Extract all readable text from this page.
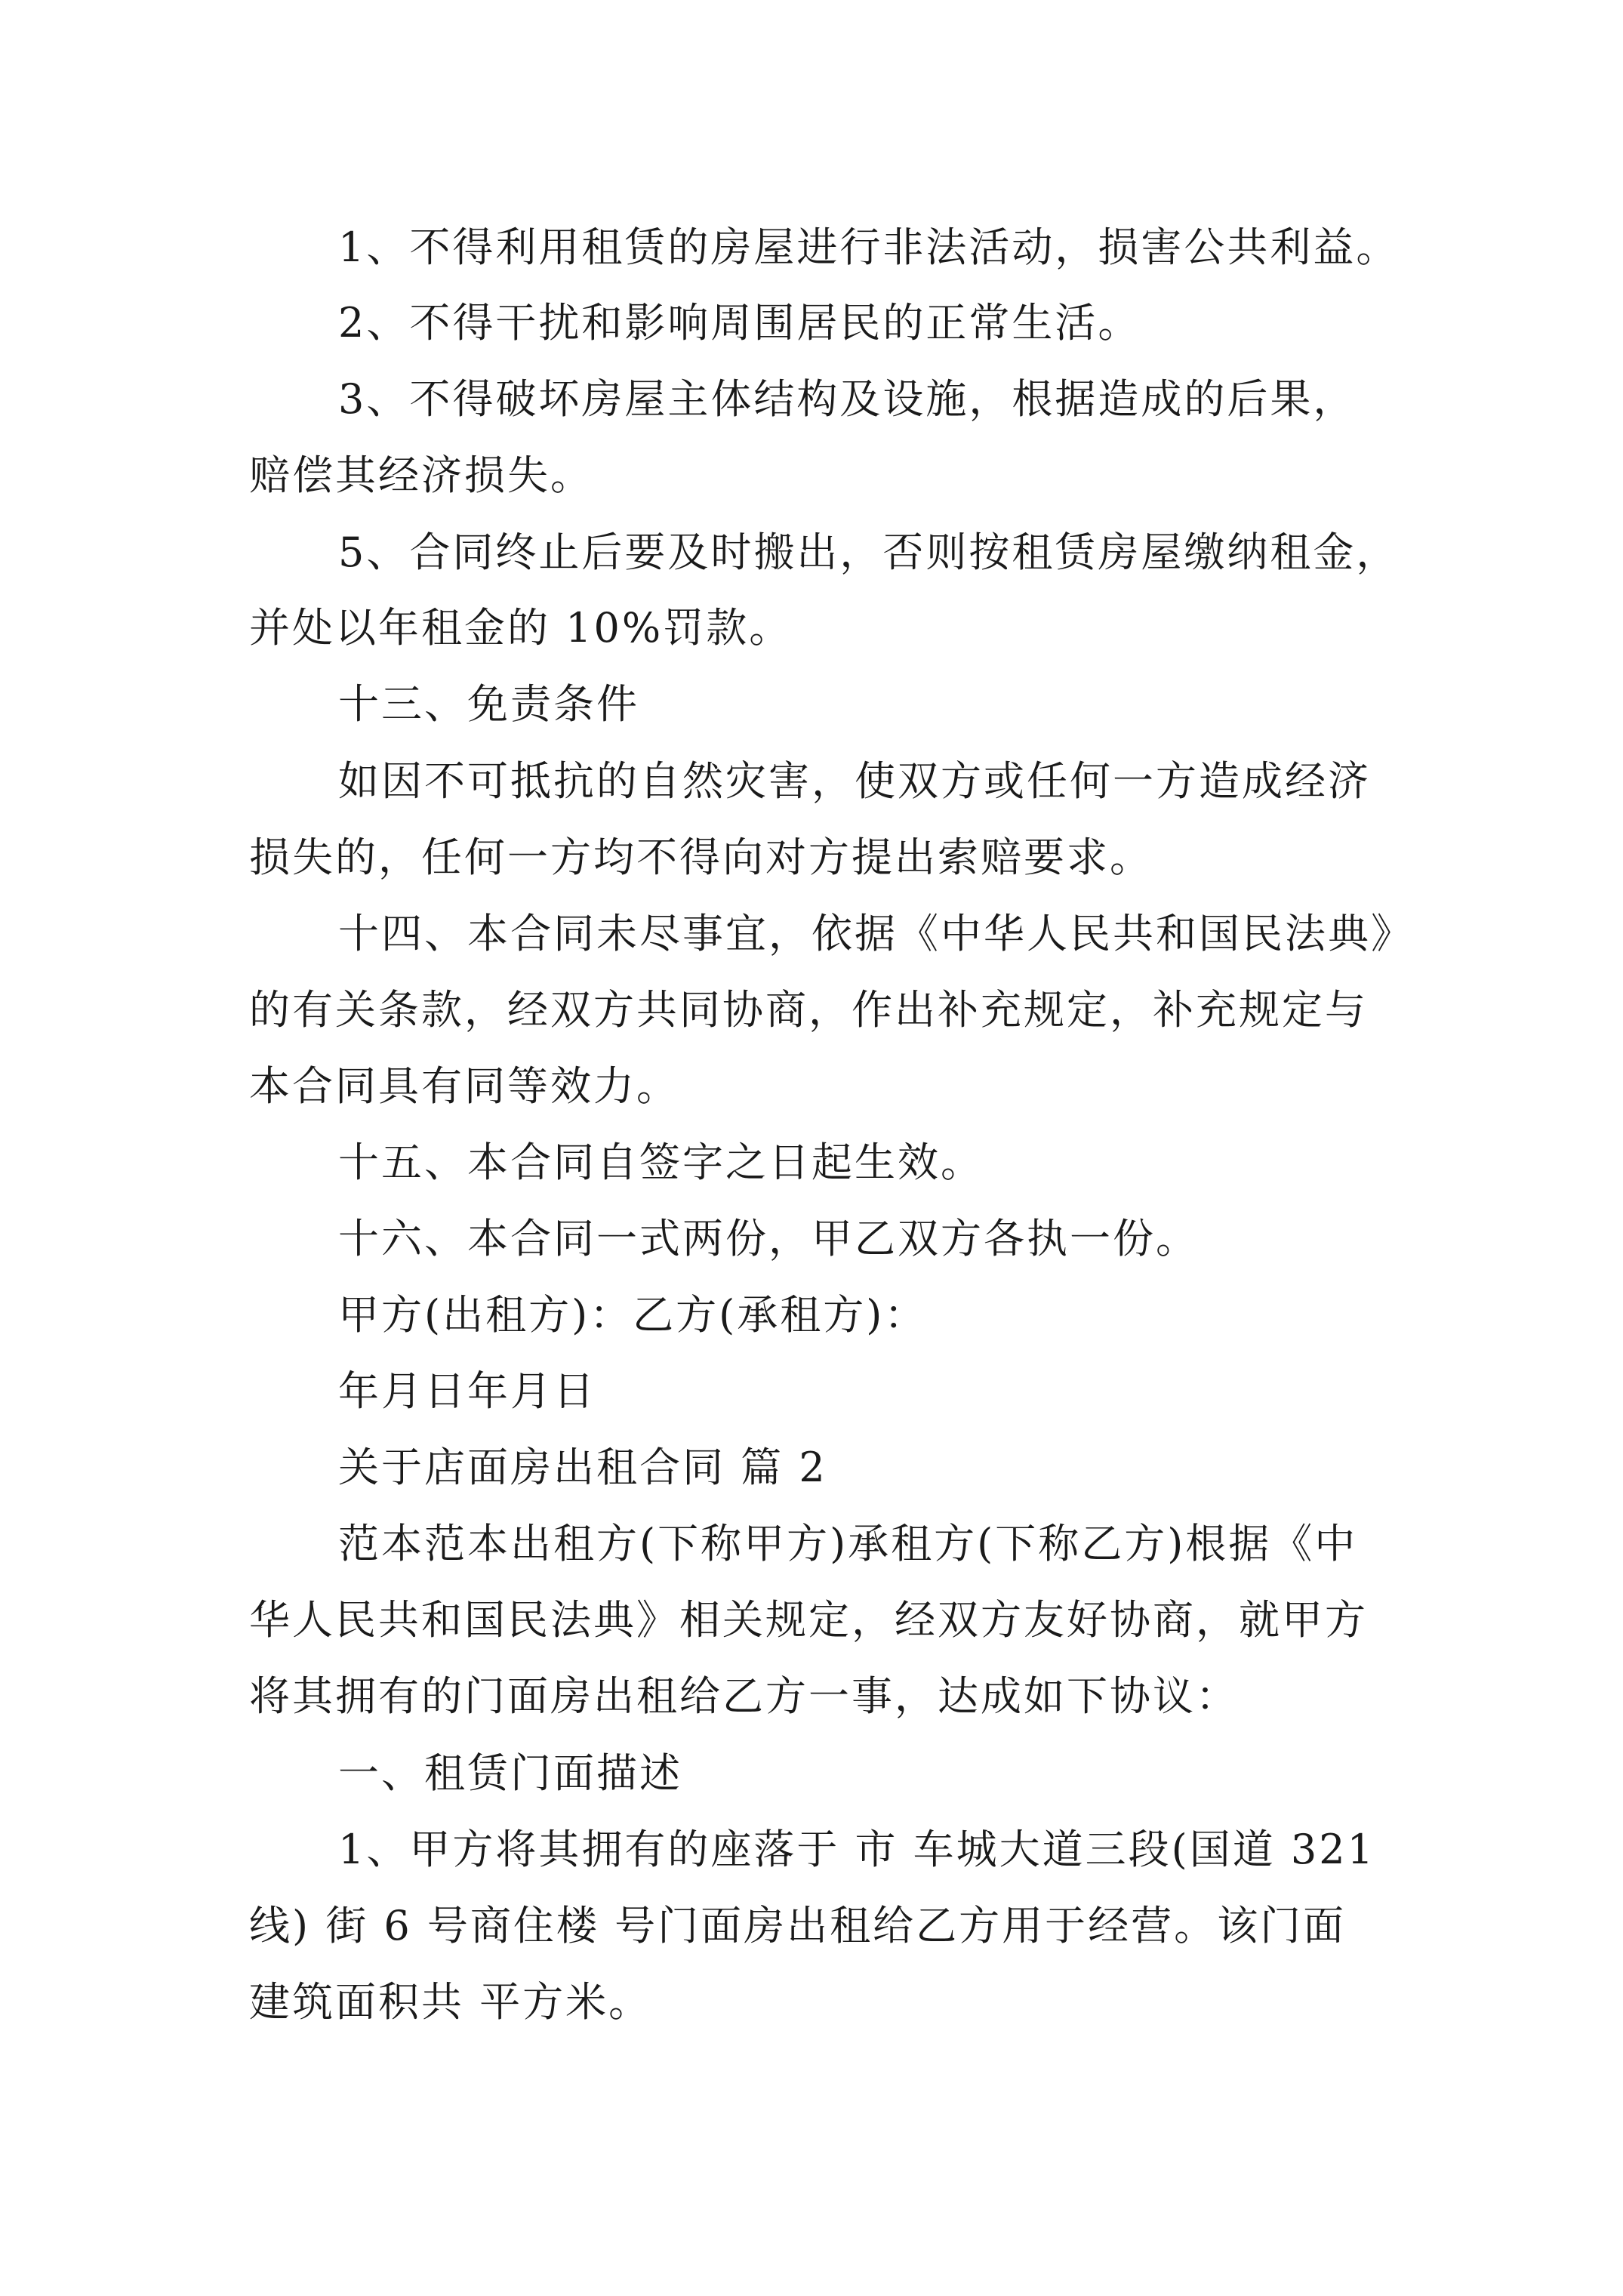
1、不得利用租赁的房屋进行非法活动，损害公共利益。
2、不得干扰和影响周围居民的正常生活。
3、不得破坏房屋主体结构及设施，根据造成的后果，
赔偿其经济损失。
5、合同终止后要及时搬出，否则按租赁房屋缴纳租金，
并处以年租金的 10%罚款。
十三、免责条件
如因不可抵抗的自然灾害，使双方或任何一方造成经济
损失的，任何一方均不得向对方提出索赔要求。
十四、本合同未尽事宜，依据《中华人民共和国民法典》
的有关条款，经双方共同协商，作出补充规定，补充规定与
本合同具有同等效力。
十五、本合同自签字之日起生效。
十六、本合同一式两份，甲乙双方各执一份。
甲方(出租方)：乙方(承租方)：
年月日年月日
关于店面房出租合同 篇 2
范本范本出租方(下称甲方)承租方(下称乙方)根据《中
华人民共和国民法典》相关规定，经双方友好协商，就甲方
将其拥有的门面房出租给乙方一事，达成如下协议：
一、租赁门面描述
1、甲方将其拥有的座落于 市 车城大道三段(国道 321
线) 街 6 号商住楼 号门面房出租给乙方用于经营。该门面
建筑面积共 平方米。
